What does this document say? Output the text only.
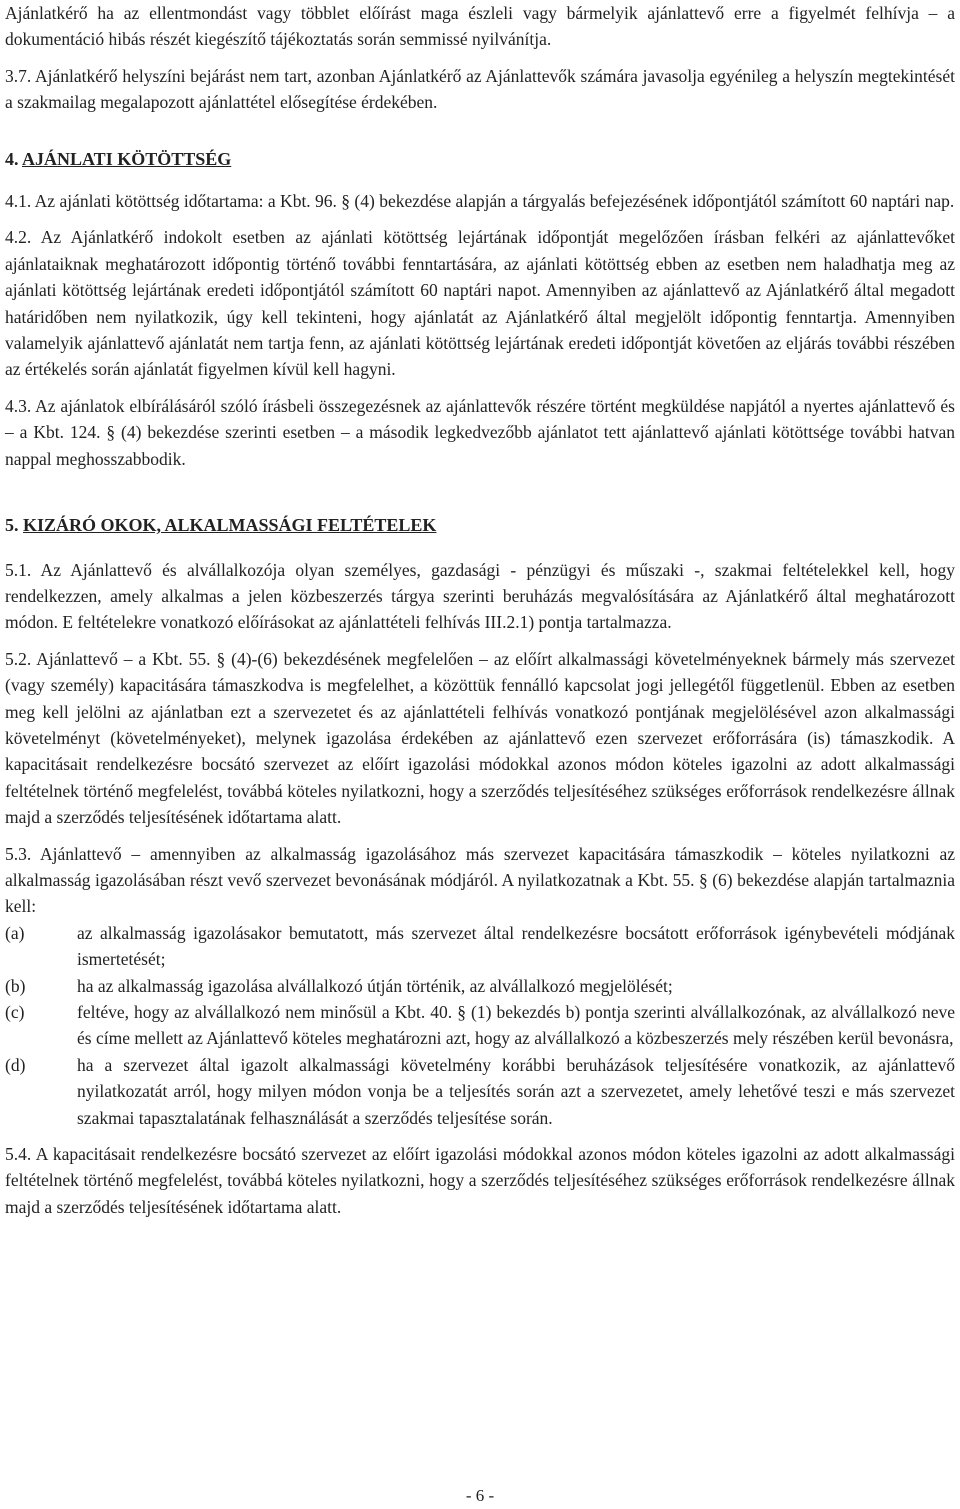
Ajánlatkérő ha az ellentmondást vagy többlet előírást maga észleli vagy bármelyik ajánlattevő erre a figyelmét felhívja – a dokumentáció hibás részét kiegészítő tájékoztatás során semmissé nyilvánítja.

3.7. Ajánlatkérő helyszíni bejárást nem tart, azonban Ajánlatkérő az Ajánlattevők számára javasolja egyénileg a helyszín megtekintését a szakmailag megalapozott ajánlattétel elősegítése érdekében.

4. AJÁNLATI KÖTÖTTSÉG

4.1. Az ajánlati kötöttség időtartama: a Kbt. 96. § (4) bekezdése alapján a tárgyalás befejezésének időpontjától számított 60 naptári nap.

4.2. Az Ajánlatkérő indokolt esetben az ajánlati kötöttség lejártának időpontját megelőzően írásban felkéri az ajánlattevőket ajánlataiknak meghatározott időpontig történő további fenntartására, az ajánlati kötöttség ebben az esetben nem haladhatja meg az ajánlati kötöttség lejártának eredeti időpontjától számított 60 naptári napot. Amennyiben az ajánlattevő az Ajánlatkérő által megadott határidőben nem nyilatkozik, úgy kell tekinteni, hogy ajánlatát az Ajánlatkérő által megjelölt időpontig fenntartja. Amennyiben valamelyik ajánlattevő ajánlatát nem tartja fenn, az ajánlati kötöttség lejártának eredeti időpontját követően az eljárás további részében az értékelés során ajánlatát figyelmen kívül kell hagyni.

4.3. Az ajánlatok elbírálásáról szóló írásbeli összegezésnek az ajánlattevők részére történt megküldése napjától a nyertes ajánlattevő és – a Kbt. 124. § (4) bekezdése szerinti esetben – a második legkedvezőbb ajánlatot tett ajánlattevő ajánlati kötöttsége további hatvan nappal meghosszabbodik.

5. KIZÁRÓ OKOK, ALKALMASSÁGI FELTÉTELEK

5.1. Az Ajánlattevő és alvállalkozója olyan személyes, gazdasági - pénzügyi és műszaki -, szakmai feltételekkel kell, hogy rendelkezzen, amely alkalmas a jelen közbeszerzés tárgya szerinti beruházás megvalósítására az Ajánlatkérő által meghatározott módon. E feltételekre vonatkozó előírásokat az ajánlattételi felhívás III.2.1) pontja tartalmazza.

5.2. Ajánlattevő – a Kbt. 55. § (4)-(6) bekezdésének megfelelően – az előírt alkalmassági követelményeknek bármely más szervezet (vagy személy) kapacitására támaszkodva is megfelelhet, a közöttük fennálló kapcsolat jogi jellegétől függetlenül. Ebben az esetben meg kell jelölni az ajánlatban ezt a szervezetet és az ajánlattételi felhívás vonatkozó pontjának megjelölésével azon alkalmassági követelményt (követelményeket), melynek igazolása érdekében az ajánlattevő ezen szervezet erőforrására (is) támaszkodik. A kapacitásait rendelkezésre bocsátó szervezet az előírt igazolási módokkal azonos módon köteles igazolni az adott alkalmassági feltételnek történő megfelelést, továbbá köteles nyilatkozni, hogy a szerződés teljesítéséhez szükséges erőforrások rendelkezésre állnak majd a szerződés teljesítésének időtartama alatt.

5.3. Ajánlattevő – amennyiben az alkalmasság igazolásához más szervezet kapacitására támaszkodik – köteles nyilatkozni az alkalmasság igazolásában részt vevő szervezet bevonásának módjáról. A nyilatkozatnak a Kbt. 55. § (6) bekezdése alapján tartalmaznia kell:

(a)	az alkalmasság igazolásakor bemutatott, más szervezet által rendelkezésre bocsátott erőforrások igénybevételi módjának ismertetését;
(b)	ha az alkalmasság igazolása alvállalkozó útján történik, az alvállalkozó megjelölését;
(c)	feltéve, hogy az alvállalkozó nem minősül a Kbt. 40. § (1) bekezdés b) pontja szerinti alvállalkozónak, az alvállalkozó neve és címe mellett az Ajánlattevő köteles meghatározni azt, hogy az alvállalkozó a közbeszerzés mely részében kerül bevonásra,
(d)	ha a szervezet által igazolt alkalmassági követelmény korábbi beruházások teljesítésére vonatkozik, az ajánlattevő nyilatkozatát arról, hogy milyen módon vonja be a teljesítés során azt a szervezetet, amely lehetővé teszi e más szervezet szakmai tapasztalatának felhasználását a szerződés teljesítése során.

5.4. A kapacitásait rendelkezésre bocsátó szervezet az előírt igazolási módokkal azonos módon köteles igazolni az adott alkalmassági feltételnek történő megfelelést, továbbá köteles nyilatkozni, hogy a szerződés teljesítéséhez szükséges erőforrások rendelkezésre állnak majd a szerződés teljesítésének időtartama alatt.

- 6 -
